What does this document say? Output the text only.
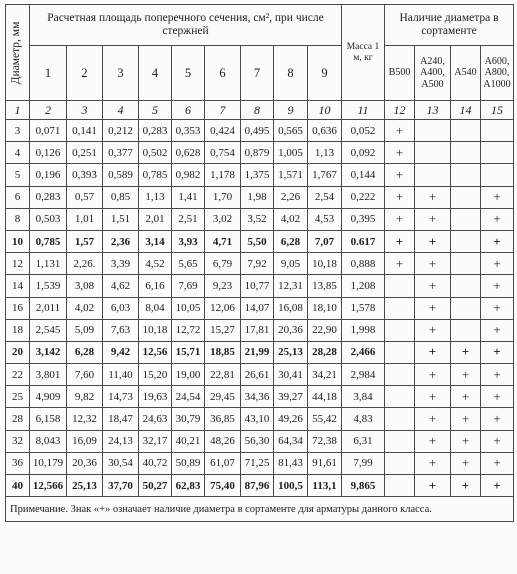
Диаметр, мм	Расчетная площадь поперечного сечения, см², при числе стержней									Масса 1 м, кг	Наличие диаметра в сортаменте			
	1	2	3	4	5	6	7	8	9		B500	A240, A400, A500	A540	A600, A800, A1000
1	2	3	4	5	6	7	8	9	10	11	12	13	14	15
3	0,071	0,141	0,212	0,283	0,353	0,424	0,495	0,565	0,636	0,052	+			
4	0,126	0,251	0,377	0,502	0,628	0,754	0,879	1,005	1,13	0,092	+			
5	0,196	0,393	0,589	0,785	0,982	1,178	1,375	1,571	1,767	0,144	+			
6	0,283	0,57	0,85	1,13	1,41	1,70	1,98	2,26	2,54	0,222	+	+		+
8	0,503	1,01	1,51	2,01	2,51	3,02	3,52	4,02	4,53	0,395	+	+		+
10	0,785	1,57	2,36	3,14	3,93	4,71	5,50	6,28	7,07	0.617	+	+		+
12	1,131	2,26.	3,39	4,52	5,65	6,79	7,92	9,05	10,18	0,888	+	+		+
14	1,539	3,08	4,62	6,16	7,69	9,23	10,77	12,31	13,85	1,208		+		+
16	2,011	4,02	6,03	8,04	10,05	12,06	14,07	16,08	18,10	1,578		+		+
18	2,545	5,09	7,63	10,18	12,72	15,27	17,81	20,36	22,90	1,998		+		+
20	3,142	6,28	9,42	12,56	15,71	18,85	21,99	25,13	28,28	2,466		+	+	+
22	3,801	7,60	11,40	15,20	19,00	22,81	26,61	30,41	34,21	2,984		+	+	+
25	4,909	9,82	14,73	19,63	24,54	29,45	34,36	39,27	44,18	3,84		+	+	+
28	6,158	12,32	18,47	24,63	30,79	36,85	43,10	49,26	55,42	4,83		+	+	+
32	8,043	16,09	24,13	32,17	40,21	48,26	56,30	64,34	72,38	6,31		+	+	+
36	10,179	20,36	30,54	40,72	50,89	61,07	71,25	81,43	91,61	7,99		+	+	+
40	12,566	25,13	37,70	50,27	62,83	75,40	87,96	100,5	113,1	9,865		+	+	+
Примечание. Знак «+» означает наличие диаметра в сортаменте для арматуры данного класса.														
